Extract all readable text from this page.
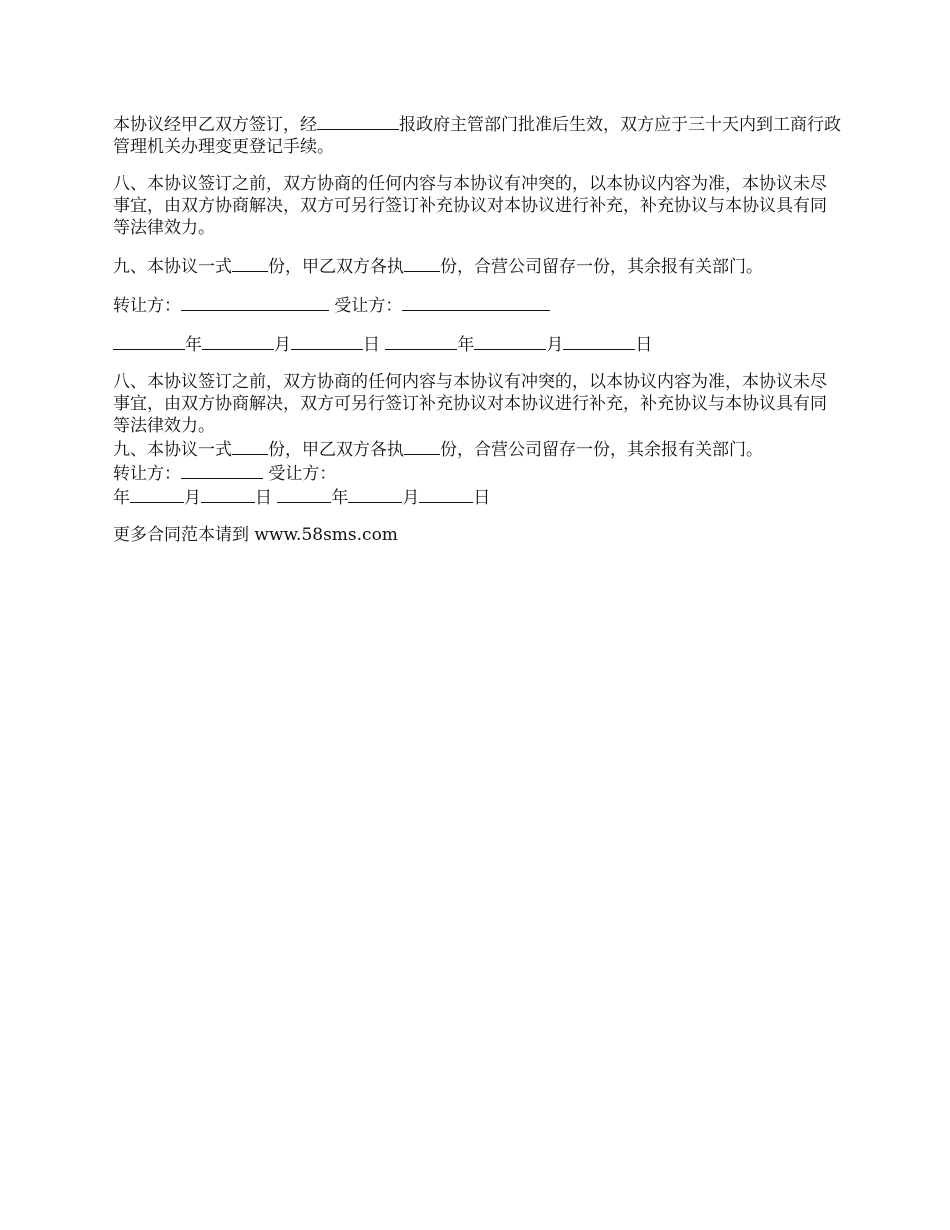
本协议经甲乙双方签订，经	报政府主管部门批准后生效，双方应于三十天内到工商行政管理机关办理变更登记手续。

八、本协议签订之前，双方协商的任何内容与本协议有冲突的，以本协议内容为准，本协议未尽事宜，由双方协商解决，双方可另行签订补充协议对本协议进行补充，补充协议与本协议具有同等法律效力。

九、本协议一式 份，甲乙双方各执 份，合营公司留存一份，其余报有关部门。

转让方：	受让方：

年	月	日	年	月	日

八、本协议签订之前，双方协商的任何内容与本协议有冲突的，以本协议内容为准，本协议未尽事宜，由双方协商解决，双方可另行签订补充协议对本协议进行补充，补充协议与本协议具有同等法律效力。

九、本协议一式 份，甲乙双方各执 份，合营公司留存一份，其余报有关部门。

转让方：	受让方：

年	月	日	年	月	日

更多合同范本请到 www.58sms.com
